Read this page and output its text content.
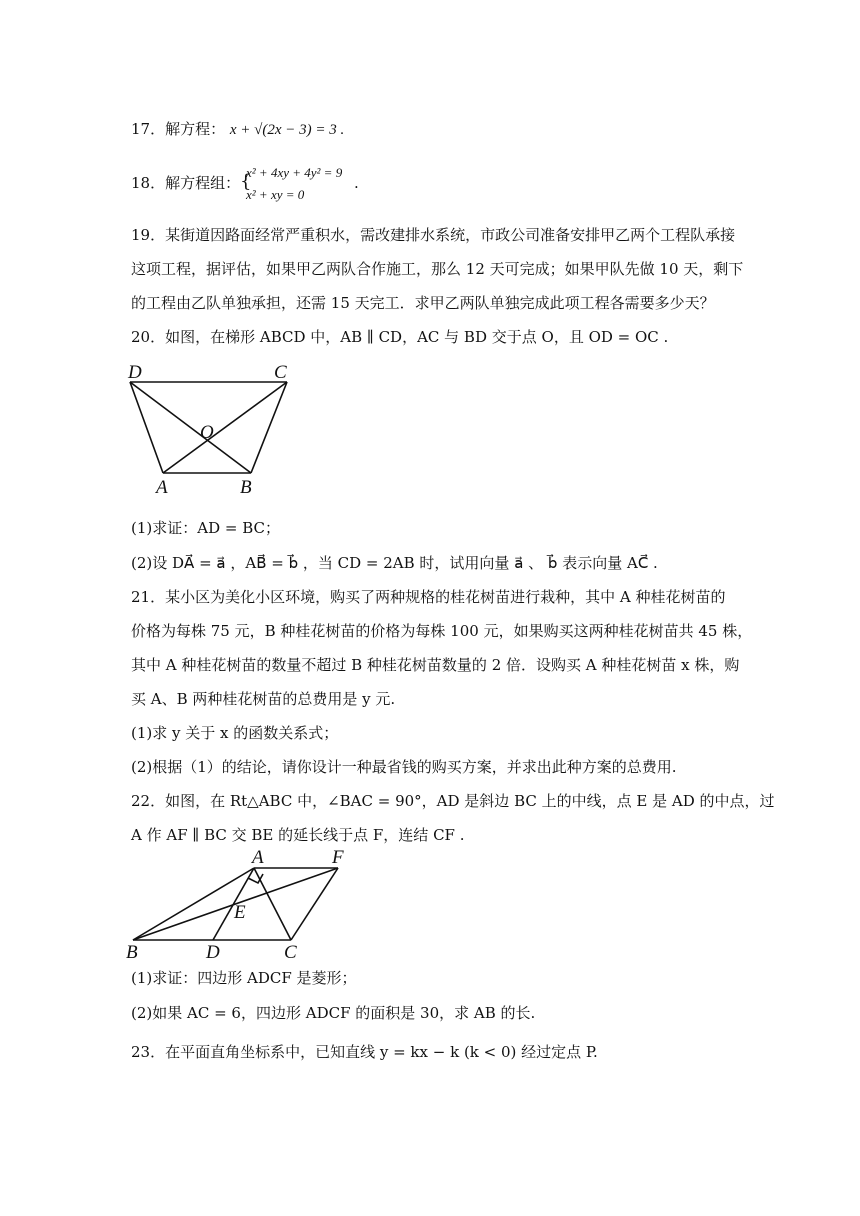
17．解方程： x + √(2x − 3) = 3 .
18．解方程组： {
x² + 4xy + 4y² = 9
x² + xy = 0
.
19．某街道因路面经常严重积水，需改建排水系统，市政公司准备安排甲乙两个工程队承接
这项工程，据评估，如果甲乙两队合作施工，那么 12 天可完成；如果甲队先做 10 天，剩下
的工程由乙队单独承担，还需 15 天完工．求甲乙两队单独完成此项工程各需要多少天？
20．如图，在梯形 ABCD 中，AB ∥ CD，AC 与 BD 交于点 O，且 OD = OC .
D	C
O
A	B
(1)求证：AD = BC；
(2)设 DA⃗ = a⃗ ，AB⃗ = b⃗ ，当 CD = 2AB 时，试用向量 a⃗ 、 b⃗ 表示向量 AC⃗ .
21．某小区为美化小区环境，购买了两种规格的桂花树苗进行栽种，其中 A 种桂花树苗的
价格为每株 75 元，B 种桂花树苗的价格为每株 100 元，如果购买这两种桂花树苗共 45 株，
其中 A 种桂花树苗的数量不超过 B 种桂花树苗数量的 2 倍．设购买 A 种桂花树苗 x 株，购
买 A、B 两种桂花树苗的总费用是 y 元.
(1)求 y 关于 x 的函数关系式；
(2)根据（1）的结论，请你设计一种最省钱的购买方案，并求出此种方案的总费用.
22．如图，在 Rt△ABC 中，∠BAC = 90°，AD 是斜边 BC 上的中线，点 E 是 AD 的中点，过
A 作 AF ∥ BC 交 BE 的延长线于点 F，连结 CF .
A	F
E
B	D	C
(1)求证：四边形 ADCF 是菱形；
(2)如果 AC = 6，四边形 ADCF 的面积是 30，求 AB 的长.
23．在平面直角坐标系中，已知直线 y = kx − k (k < 0) 经过定点 P.
